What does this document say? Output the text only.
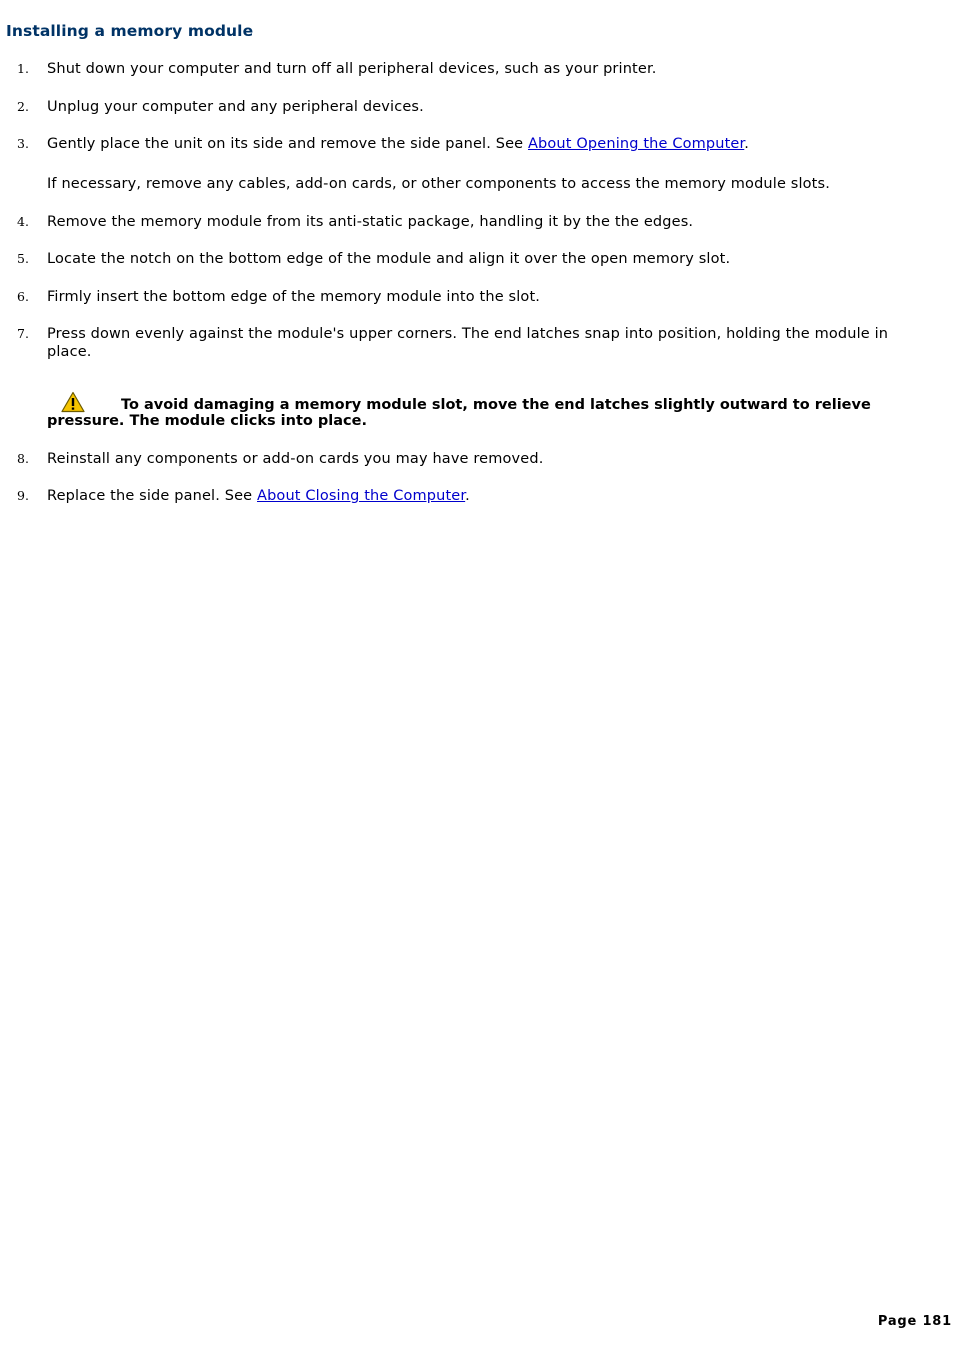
Installing a memory module
1. Shut down your computer and turn off all peripheral devices, such as your printer.
2. Unplug your computer and any peripheral devices.
3. Gently place the unit on its side and remove the side panel. See About Opening the Computer.
If necessary, remove any cables, add-on cards, or other components to access the memory module slots.
4. Remove the memory module from its anti-static package, handling it by the the edges.
5. Locate the notch on the bottom edge of the module and align it over the open memory slot.
6. Firmly insert the bottom edge of the memory module into the slot.
7. Press down evenly against the module's upper corners. The end latches snap into position, holding the module in place.
8. Reinstall any components or add-on cards you may have removed.
9. Replace the side panel. See About Closing the Computer.
To avoid damaging a memory module slot, move the end latches slightly outward to relieve pressure. The module clicks into place.
Page 181
